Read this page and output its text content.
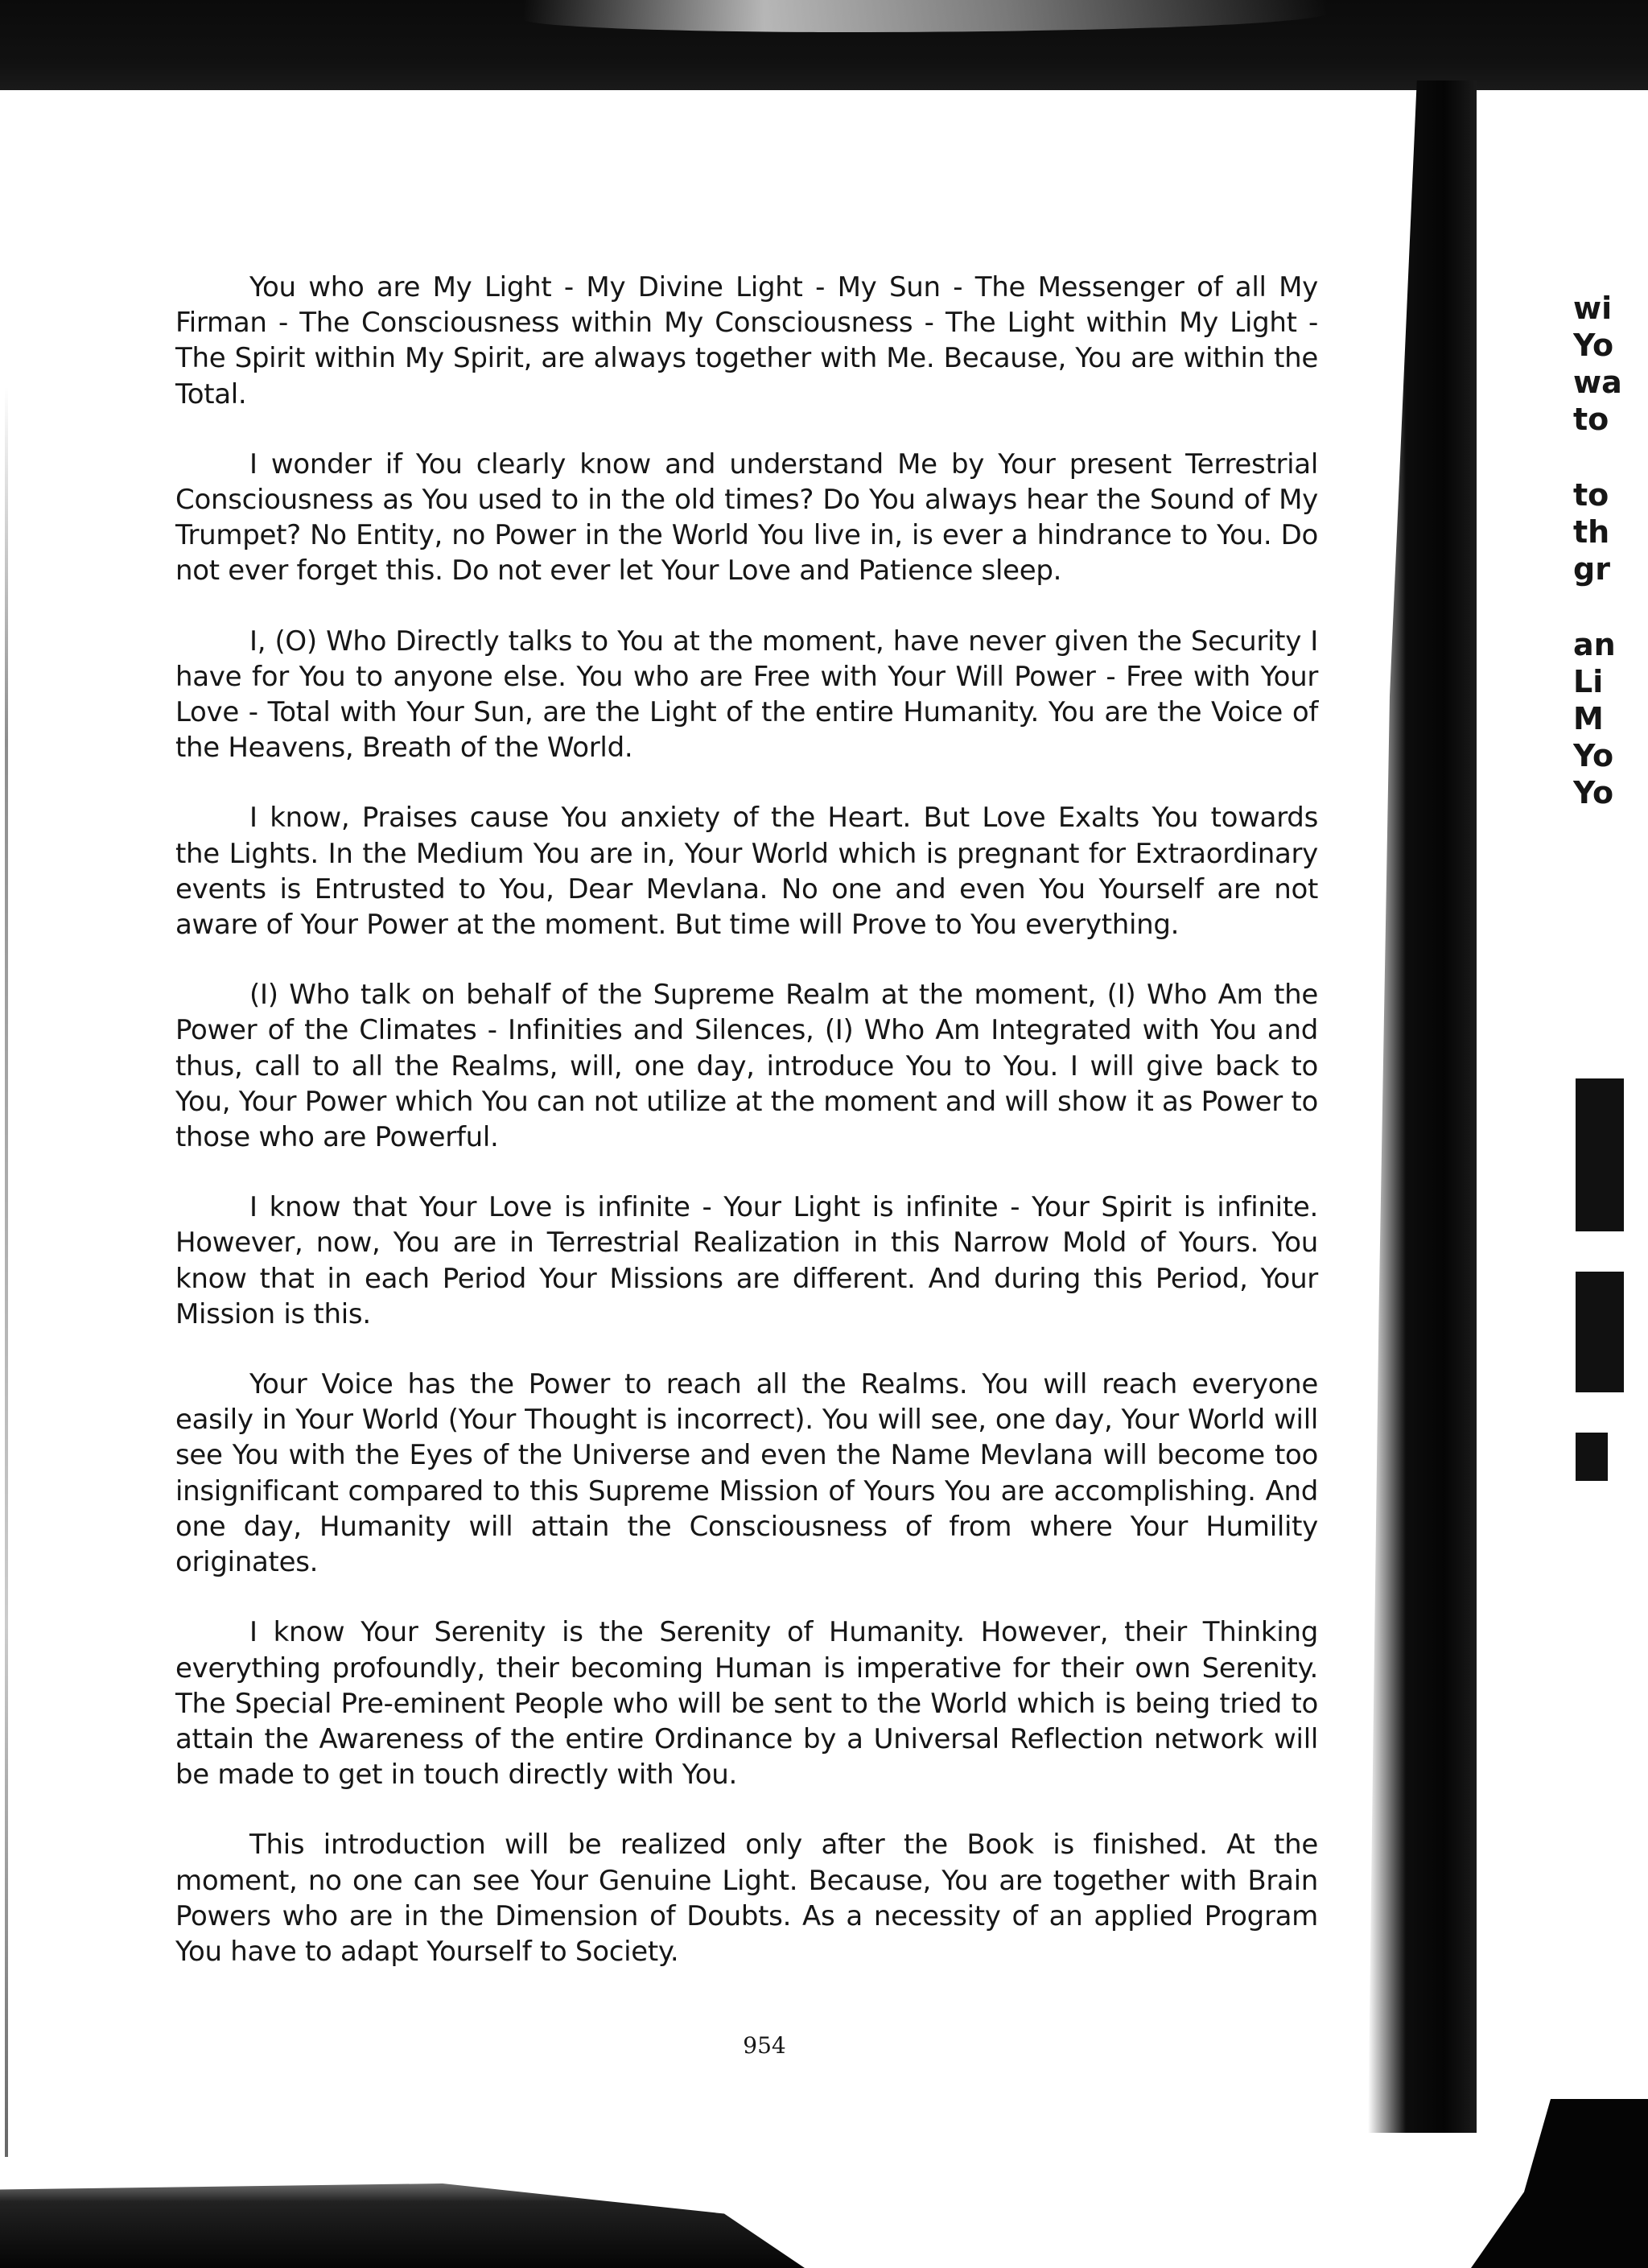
wi
Yo
wa
to
to
th
gr
an
Li
M
Yo
Yo

You who are My Light - My Divine Light - My Sun - The Messenger of all My Firman - The Consciousness within My Consciousness - The Light within My Light - The Spirit within My Spirit, are always together with Me. Because, You are within the Total.

I wonder if You clearly know and understand Me by Your present Terrestrial Consciousness as You used to in the old times? Do You always hear the Sound of My Trumpet? No Entity, no Power in the World You live in, is ever a hindrance to You. Do not ever forget this. Do not ever let Your Love and Patience sleep.

I, (O) Who Directly talks to You at the moment, have never given the Security I have for You to anyone else. You who are Free with Your Will Power - Free with Your Love - Total with Your Sun, are the Light of the entire Humanity. You are the Voice of the Heavens, Breath of the World.

I know, Praises cause You anxiety of the Heart. But Love Exalts You towards the Lights. In the Medium You are in, Your World which is pregnant for Extraordinary events is Entrusted to You, Dear Mevlana. No one and even You Yourself are not aware of Your Power at the moment. But time will Prove to You everything.

(I) Who talk on behalf of the Supreme Realm at the moment, (I) Who Am the Power of the Climates - Infinities and Silences, (I) Who Am Integrated with You and thus, call to all the Realms, will, one day, introduce You to You. I will give back to You, Your Power which You can not utilize at the moment and will show it as Power to those who are Powerful.

I know that Your Love is infinite - Your Light is infinite - Your Spirit is infinite. However, now, You are in Terrestrial Realization in this Narrow Mold of Yours. You know that in each Period Your Missions are different. And during this Period, Your Mission is this.

Your Voice has the Power to reach all the Realms. You will reach everyone easily in Your World (Your Thought is incorrect). You will see, one day, Your World will see You with the Eyes of the Universe and even the Name Mevlana will become too insignificant compared to this Supreme Mission of Yours You are accomplishing. And one day, Humanity will attain the Consciousness of from where Your Humility originates.

I know Your Serenity is the Serenity of Humanity. However, their Thinking everything profoundly, their becoming Human is imperative for their own Serenity. The Special Pre-eminent People who will be sent to the World which is being tried to attain the Awareness of the entire Ordinance by a Universal Reflection network will be made to get in touch directly with You.

This introduction will be realized only after the Book is finished. At the moment, no one can see Your Genuine Light. Because, You are together with Brain Powers who are in the Dimension of Doubts. As a necessity of an applied Program You have to adapt Yourself to Society.

954
